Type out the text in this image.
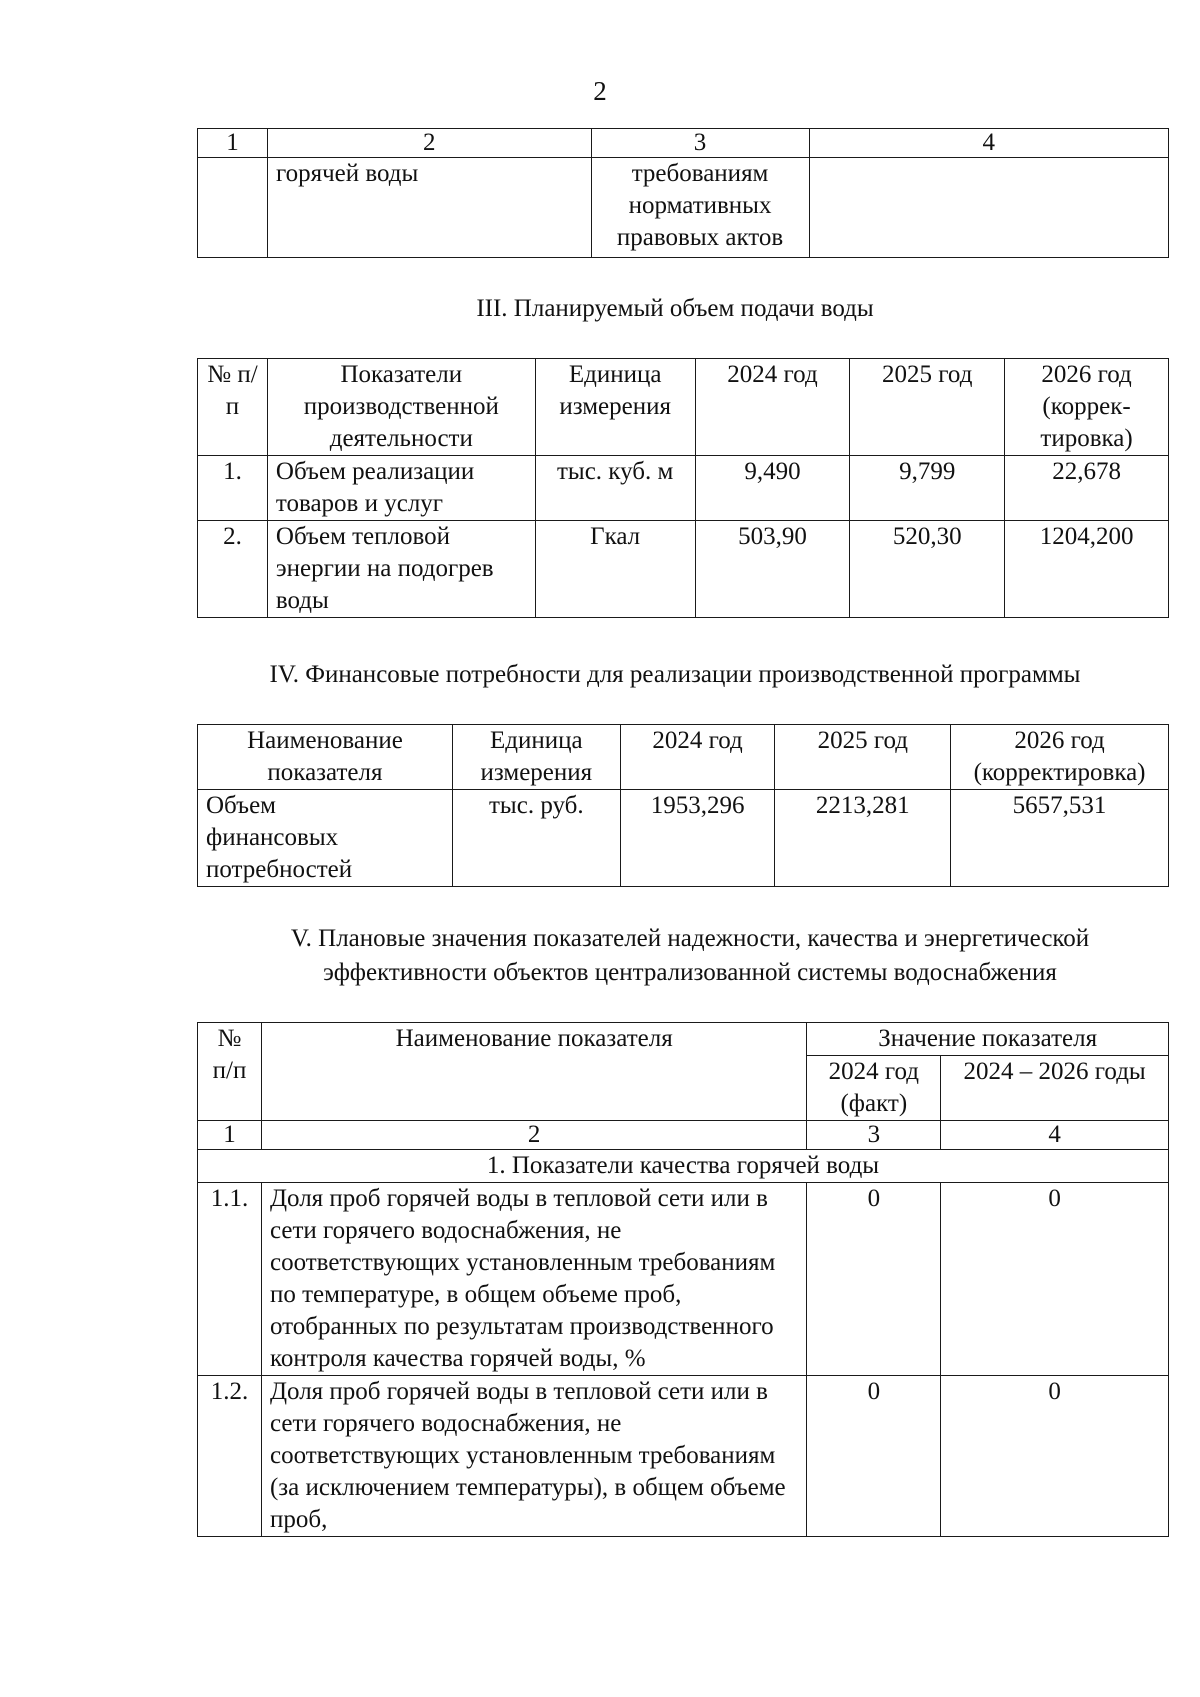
2
1	2	3	4
	горячей воды	требованиям нормативных правовых актов	
III. Планируемый объем подачи воды
№ п/п	Показатели производственной деятельности	Единица измерения	2024 год	2025 год	2026 год (коррек-тировка)
1.	Объем реализации товаров и услуг	тыс. куб. м	9,490	9,799	22,678
2.	Объем тепловой энергии на подогрев воды	Гкал	503,90	520,30	1204,200
IV. Финансовые потребности для реализации производственной программы
Наименование показателя	Единица измерения	2024 год	2025 год	2026 год (корректировка)
Объем финансовых потребностей	тыс. руб.	1953,296	2213,281	5657,531
V. Плановые значения показателей надежности, качества и энергетической эффективности объектов централизованной системы водоснабжения
№ п/п	Наименование показателя	Значение показателя	
		2024 год (факт)	2024 – 2026 годы
1	2	3	4
1. Показатели качества горячей воды			
1.1.	Доля проб горячей воды в тепловой сети или в сети горячего водоснабжения, не соответствующих установленным требованиям по температуре, в общем объеме проб, отобранных по результатам производственного контроля качества горячей воды, %	0	0
1.2.	Доля проб горячей воды в тепловой сети или в сети горячего водоснабжения, не соответствующих установленным требованиям (за исключением температуры), в общем объеме проб,	0	0
